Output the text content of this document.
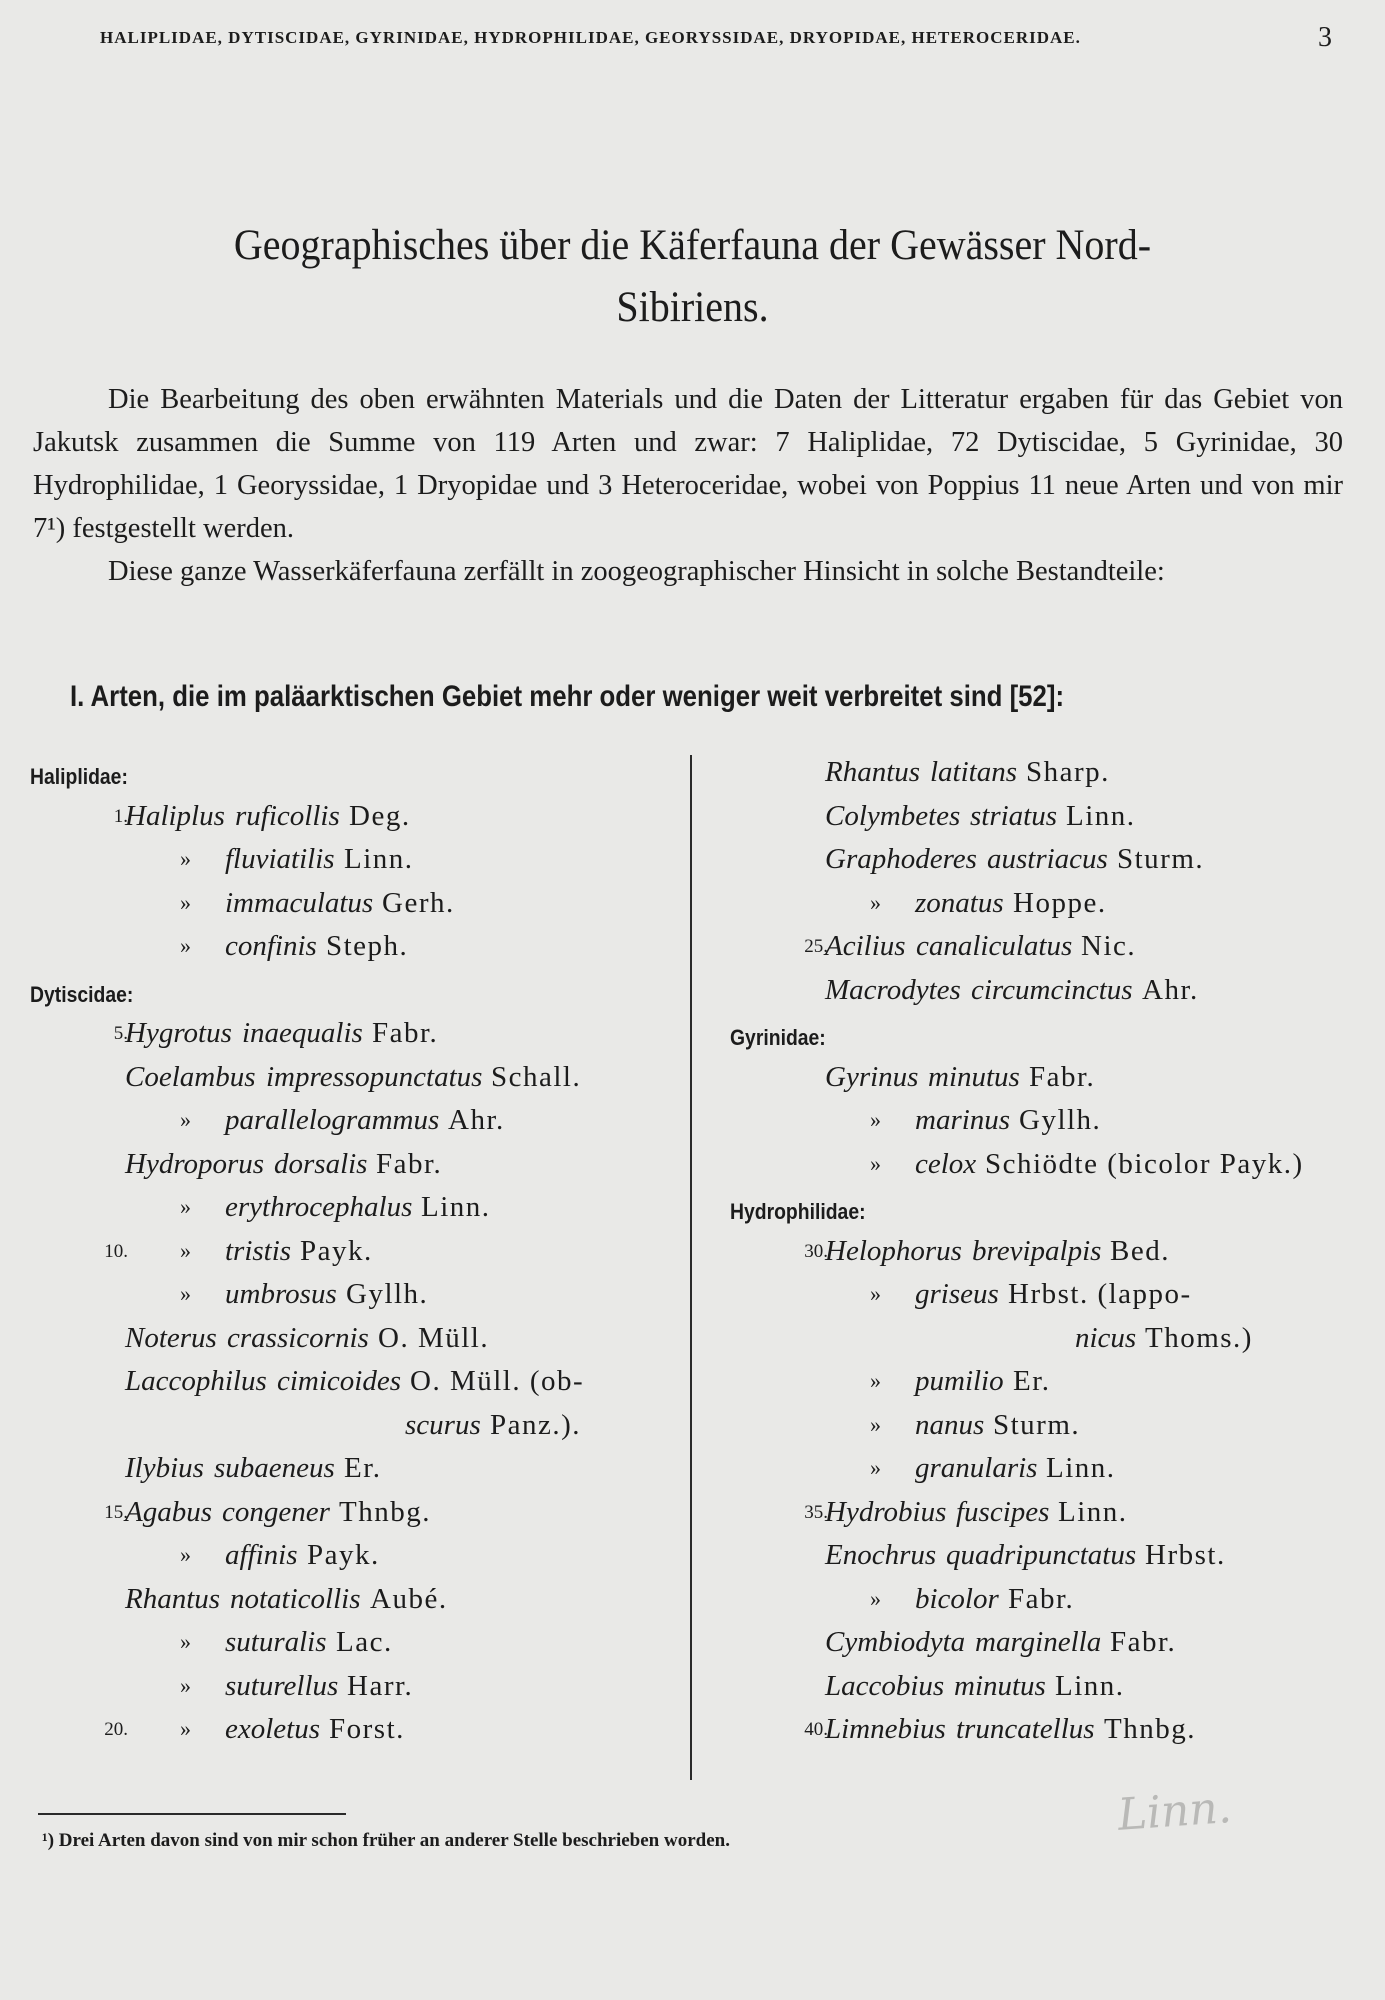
HALIPLIDAE, DYTISCIDAE, GYRINIDAE, HYDROPHILIDAE, GEORYSSIDAE, DRYOPIDAE, HETEROCERIDAE.	3
Geographisches über die Käferfauna der Gewässer Nord-
Sibiriens.

Die Bearbeitung des oben erwähnten Materials und die Daten der Litteratur ergaben für das Gebiet von Jakutsk zusammen die Summe von 119 Arten und zwar: 7 Haliplidae, 72 Dytiscidae, 5 Gyrinidae, 30 Hydrophilidae, 1 Georyssidae, 1 Dryopidae und 3 Heteroceridae, wobei von Poppius 11 neue Arten und von mir 7¹) festgestellt werden.

Diese ganze Wasserkäferfauna zerfällt in zoogeographischer Hinsicht in solche Bestandteile:

I. Arten, die im paläarktischen Gebiet mehr oder weniger weit verbreitet sind [52]:
Haliplidae:
1.
Haliplus ruficollis Deg.
» fluviatilis Linn.
» immaculatus Gerh.
» confinis Steph.
Dytiscidae:
5.
Hygrotus inaequalis Fabr.
Coelambus impressopunctatus Schall.
» parallelogrammus Ahr.
Hydroporus dorsalis Fabr.
» erythrocephalus Linn.
10. » tristis Payk.
» umbrosus Gyllh.
Noterus crassicornis O. Müll.
Laccophilus cimicoides O. Müll. (ob-
scurus Panz.).
Ilybius subaeneus Er.
15.
Agabus congener Thnbg.
» affinis Payk.
Rhantus notaticollis Aubé.
» suturalis Lac.
» suturellus Harr.
20. » exoletus Forst.
Rhantus latitans Sharp.
Colymbetes striatus Linn.
Graphoderes austriacus Sturm.
» zonatus Hoppe.
25.
Acilius canaliculatus Nic.
Macrodytes circumcinctus Ahr.
Gyrinidae:
Gyrinus minutus Fabr.
» marinus Gyllh.
» celox Schiödte (bicolor Payk.)
Hydrophilidae:
30.
Helophorus brevipalpis Bed.
» griseus Hrbst. (lappo-
nicus Thoms.)
» pumilio Er.
» nanus Sturm.
» granularis Linn.
35.
Hydrobius fuscipes Linn.
Enochrus quadripunctatus Hrbst.
» bicolor Fabr.
Cymbiodyta marginella Fabr.
Laccobius minutus Linn.
40.
Limnebius truncatellus Thnbg.
¹) Drei Arten davon sind von mir schon früher an anderer Stelle beschrieben worden.	Linn.
